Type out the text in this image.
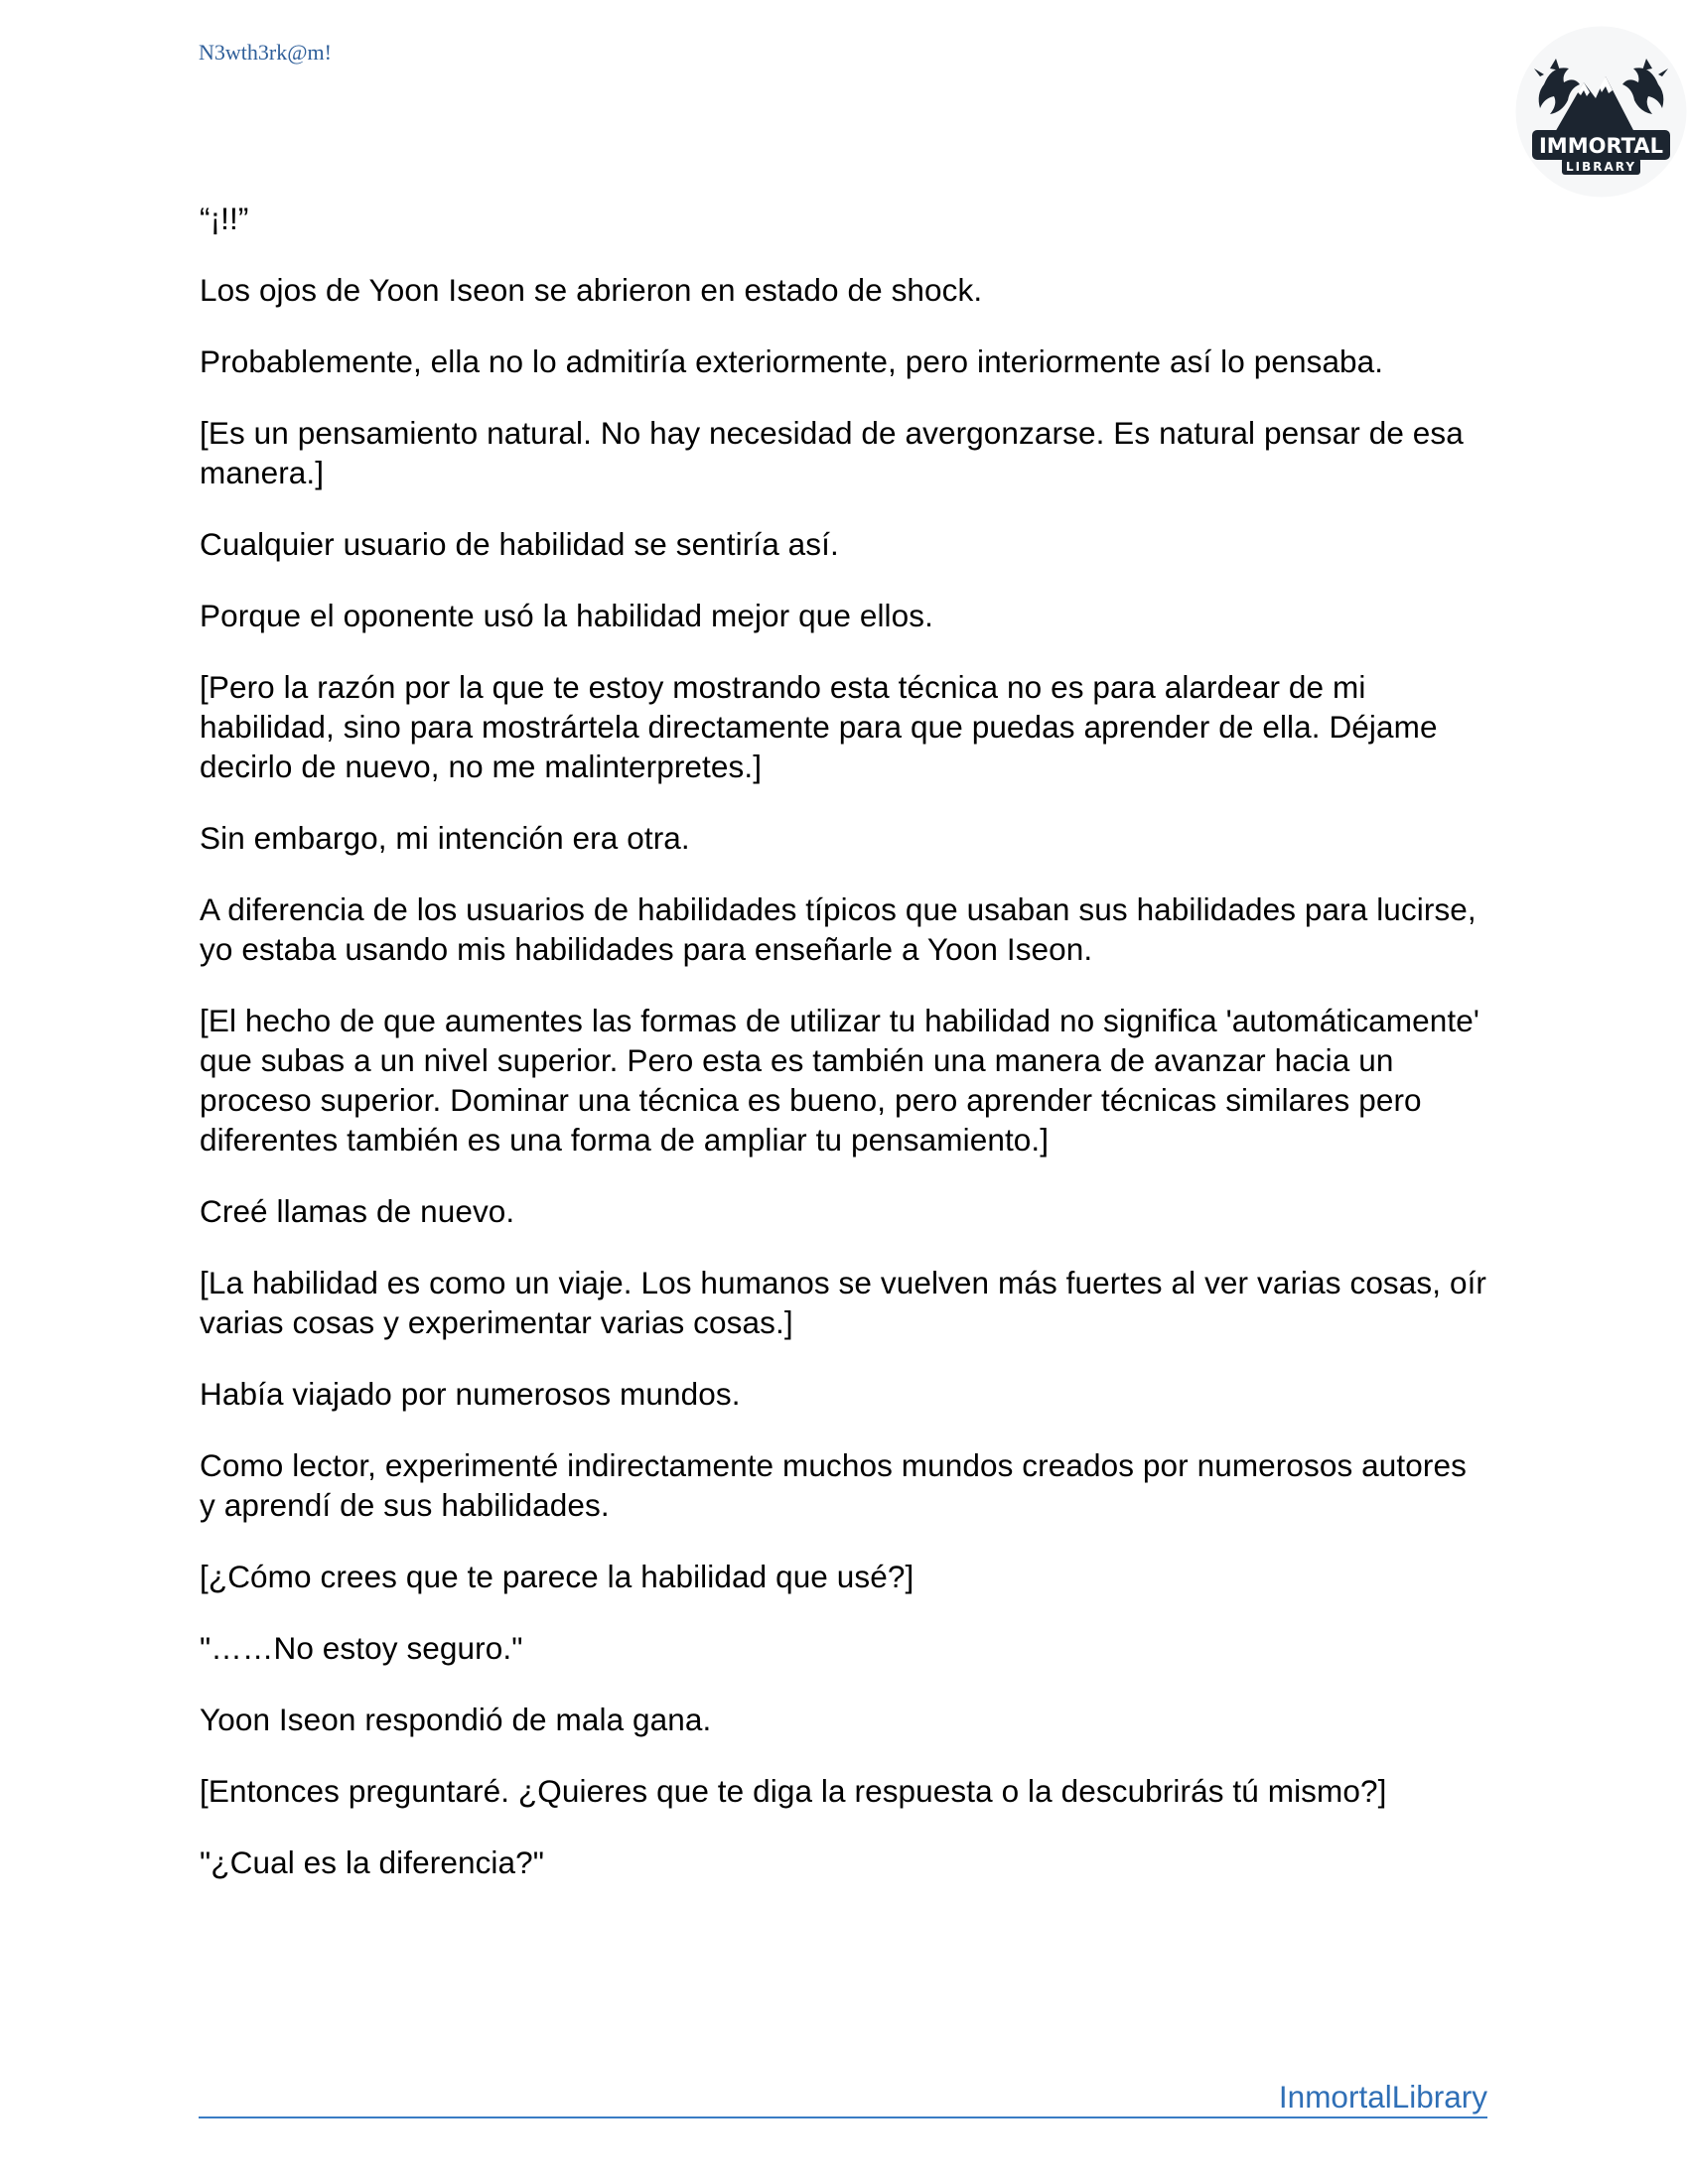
N3wth3rk@m!
IMMORTAL
LIBRARY

“¡!!”

Los ojos de Yoon Iseon se abrieron en estado de shock.

Probablemente, ella no lo admitiría exteriormente, pero interiormente así lo pensaba.

[Es un pensamiento natural. No hay necesidad de avergonzarse. Es natural pensar de esa manera.]

Cualquier usuario de habilidad se sentiría así.

Porque el oponente usó la habilidad mejor que ellos.

[Pero la razón por la que te estoy mostrando esta técnica no es para alardear de mi habilidad, sino para mostrártela directamente para que puedas aprender de ella. Déjame decirlo de nuevo, no me malinterpretes.]

Sin embargo, mi intención era otra.

A diferencia de los usuarios de habilidades típicos que usaban sus habilidades para lucirse, yo estaba usando mis habilidades para enseñarle a Yoon Iseon.

[El hecho de que aumentes las formas de utilizar tu habilidad no significa 'automáticamente' que subas a un nivel superior. Pero esta es también una manera de avanzar hacia un proceso superior. Dominar una técnica es bueno, pero aprender técnicas similares pero diferentes también es una forma de ampliar tu pensamiento.]

Creé llamas de nuevo.

[La habilidad es como un viaje. Los humanos se vuelven más fuertes al ver varias cosas, oír varias cosas y experimentar varias cosas.]

Había viajado por numerosos mundos.

Como lector, experimenté indirectamente muchos mundos creados por numerosos autores y aprendí de sus habilidades.

[¿Cómo crees que te parece la habilidad que usé?]

"……No estoy seguro."

Yoon Iseon respondió de mala gana.

[Entonces preguntaré. ¿Quieres que te diga la respuesta o la descubrirás tú mismo?]

"¿Cual es la diferencia?"

InmortalLibrary
